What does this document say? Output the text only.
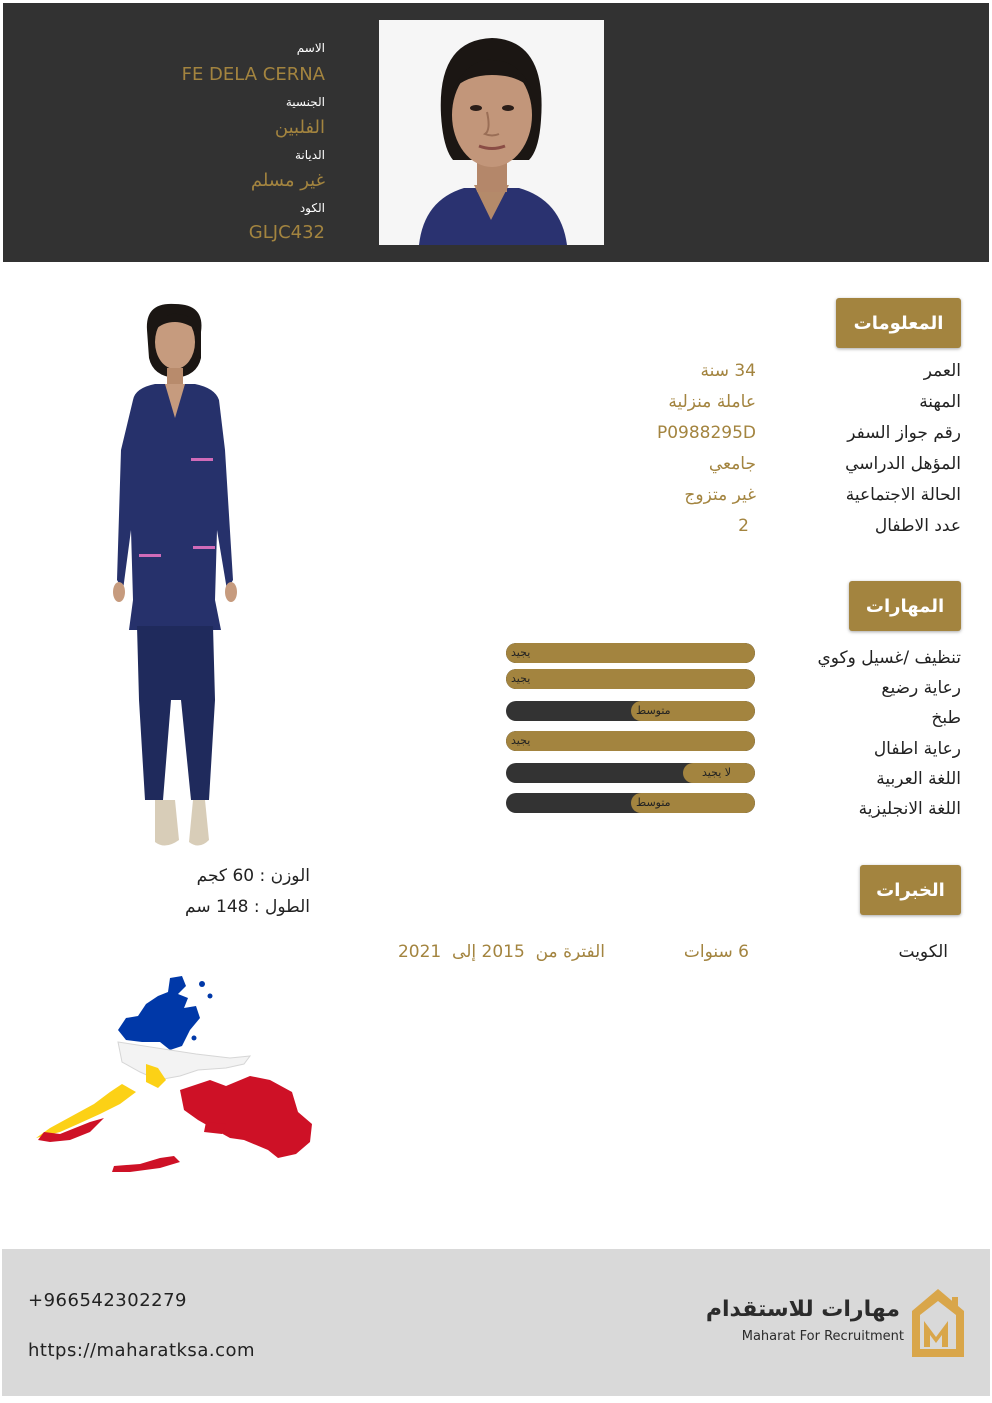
الاسم
FE DELA CERNA
الجنسية
الفلبين
الديانة
غير مسلم
الكود
GLJC432
المعلومات
العمر
34 سنة
المهنة
عاملة منزلية
رقم جواز السفر
P0988295D
المؤهل الدراسي
جامعي
الحالة الاجتماعية
غير متزوج
عدد الاطفال
2
المهارات
تنظيف /غسيل وكوي
رعاية رضيع
طبخ
رعاية اطفال
اللغة العربية
اللغة الانجليزية
يجيد
يجيد
متوسط
يجيد
لا يجيد
متوسط
الخبرات
الكويت
6 سنوات
الفترة من  2015 إلى  2021
الوزن : 60 كجم
الطول : 148 سم
+966542302279
https://maharatksa.com
مهارات للاستقدام
Maharat For Recruitment
